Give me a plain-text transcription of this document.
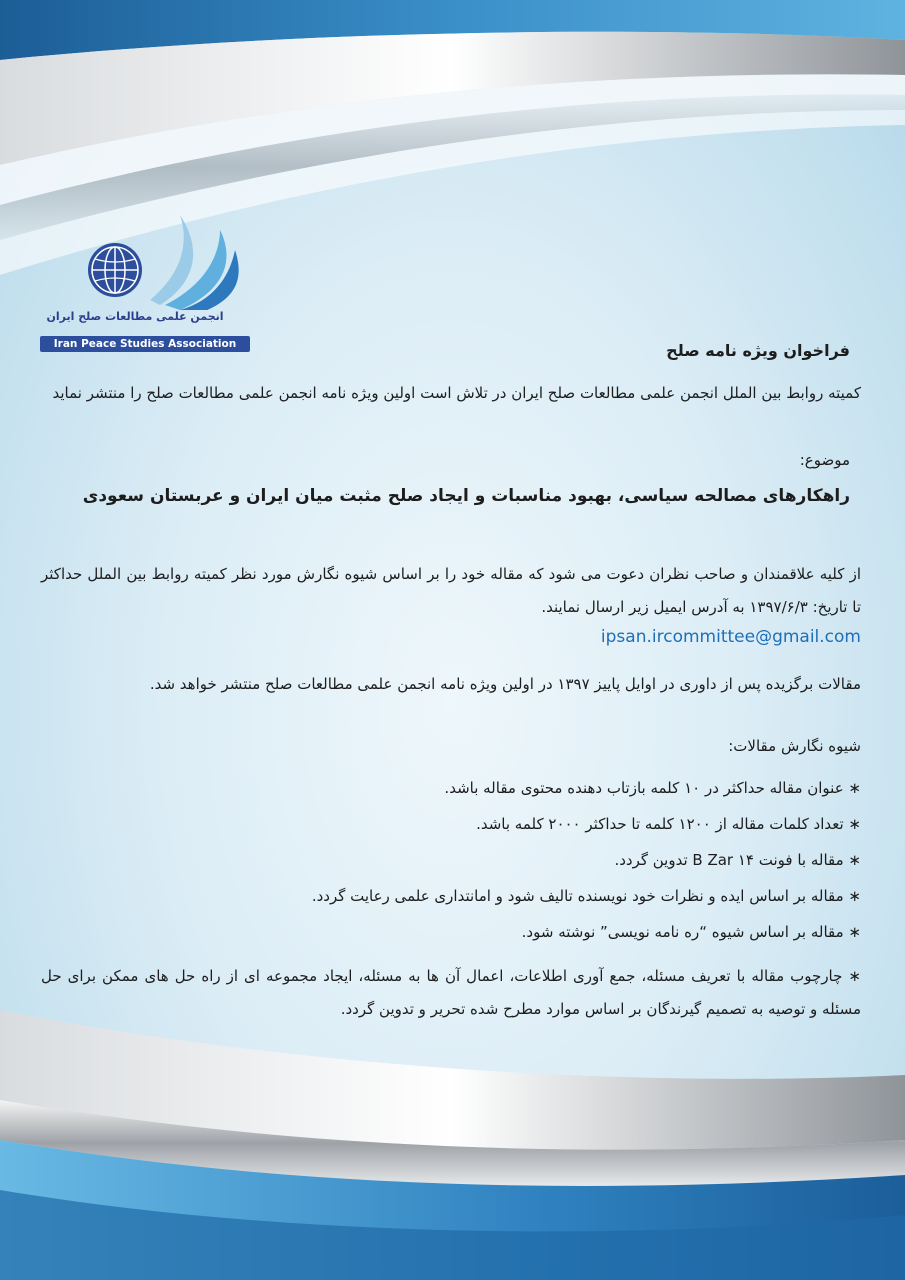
انجمن علمی مطالعات صلح ایران
Iran Peace Studies Association	فراخوان ویژه نامه صلح
کمیته روابط بین الملل انجمن علمی مطالعات صلح ایران در تلاش است اولین ویژه نامه انجمن علمی مطالعات صلح را منتشر نماید
موضوع:
راهکارهای مصالحه سیاسی، بهبود مناسبات و ایجاد صلح مثبت میان ایران و عربستان سعودی
از کلیه علاقمندان و صاحب نظران دعوت می شود که مقاله خود را بر اساس شیوه نگارش مورد نظر کمیته روابط بین الملل حداکثر تا تاریخ: ۱۳۹۷/۶/۳ به آدرس ایمیل زیر ارسال نمایند.
ipsan.ircommittee@gmail.com
مقالات برگزیده پس از داوری در اوایل پاییز ۱۳۹۷ در اولین ویژه نامه انجمن علمی مطالعات صلح منتشر خواهد شد.
شیوه نگارش مقالات:
∗ عنوان مقاله حداکثر در ۱۰ کلمه بازتاب دهنده محتوی مقاله باشد.
∗ تعداد کلمات مقاله از ۱۲۰۰ کلمه تا حداکثر ۲۰۰۰ کلمه باشد.
∗ مقاله با فونت B Zar ۱۴ تدوین گردد.
∗ مقاله بر اساس ایده و نظرات خود نویسنده تالیف شود و امانتداری علمی رعایت گردد.
∗ مقاله بر اساس شیوه “ره نامه نویسی” نوشته شود.
∗ چارچوب مقاله با تعریف مسئله، جمع آوری اطلاعات، اعمال آن ها به مسئله، ایجاد مجموعه ای از راه حل های ممکن برای حل مسئله و توصیه به تصمیم گیرندگان بر اساس موارد مطرح شده تحریر و تدوین گردد.
